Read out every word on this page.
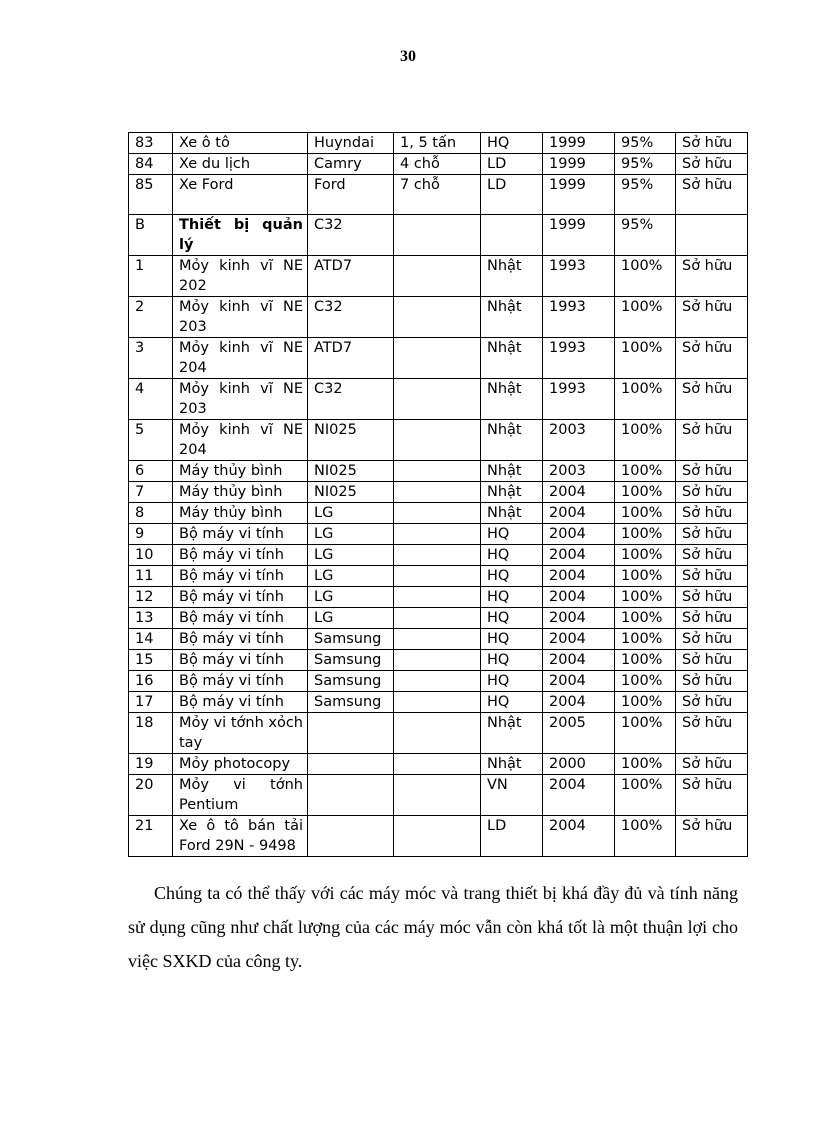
30
83	Xe ô tô	Huyndai	1, 5 tấn	HQ	1999	95%	Sở hữu
84	Xe du lịch	Camry	4 chỗ	LD	1999	95%	Sở hữu
85	Xe Ford	Ford	7 chỗ	LD	1999	95%	Sở hữu
B	Thiết bị quản lý	C32			1999	95%	
1	Mỏy kinh vĩ NE 202	ATD7		Nhật	1993	100%	Sở hữu
2	Mỏy kinh vĩ NE 203	C32		Nhật	1993	100%	Sở hữu
3	Mỏy kinh vĩ NE 204	ATD7		Nhật	1993	100%	Sở hữu
4	Mỏy kinh vĩ NE 203	C32		Nhật	1993	100%	Sở hữu
5	Mỏy kinh vĩ NE 204	NI025		Nhật	2003	100%	Sở hữu
6	Máy thủy bình	NI025		Nhật	2003	100%	Sở hữu
7	Máy thủy bình	NI025		Nhật	2004	100%	Sở hữu
8	Máy thủy bình	LG		Nhật	2004	100%	Sở hữu
9	Bộ máy vi tính	LG		HQ	2004	100%	Sở hữu
10	Bộ máy vi tính	LG		HQ	2004	100%	Sở hữu
11	Bộ máy vi tính	LG		HQ	2004	100%	Sở hữu
12	Bộ máy vi tính	LG		HQ	2004	100%	Sở hữu
13	Bộ máy vi tính	LG		HQ	2004	100%	Sở hữu
14	Bộ máy vi tính	Samsung		HQ	2004	100%	Sở hữu
15	Bộ máy vi tính	Samsung		HQ	2004	100%	Sở hữu
16	Bộ máy vi tính	Samsung		HQ	2004	100%	Sở hữu
17	Bộ máy vi tính	Samsung		HQ	2004	100%	Sở hữu
18	Mỏy vi tớnh xỏch tay			Nhật	2005	100%	Sở hữu
19	Mỏy photocopy			Nhật	2000	100%	Sở hữu
20	Mỏy vi tớnh Pentium			VN	2004	100%	Sở hữu
21	Xe ô tô bán tải Ford 29N - 9498			LD	2004	100%	Sở hữu

Chúng ta có thể thấy với các máy móc và trang thiết bị khá đầy đủ và tính năng sử dụng cũng như chất lượng của các máy móc vẫn còn khá tốt là một thuận lợi cho việc SXKD của công ty.
